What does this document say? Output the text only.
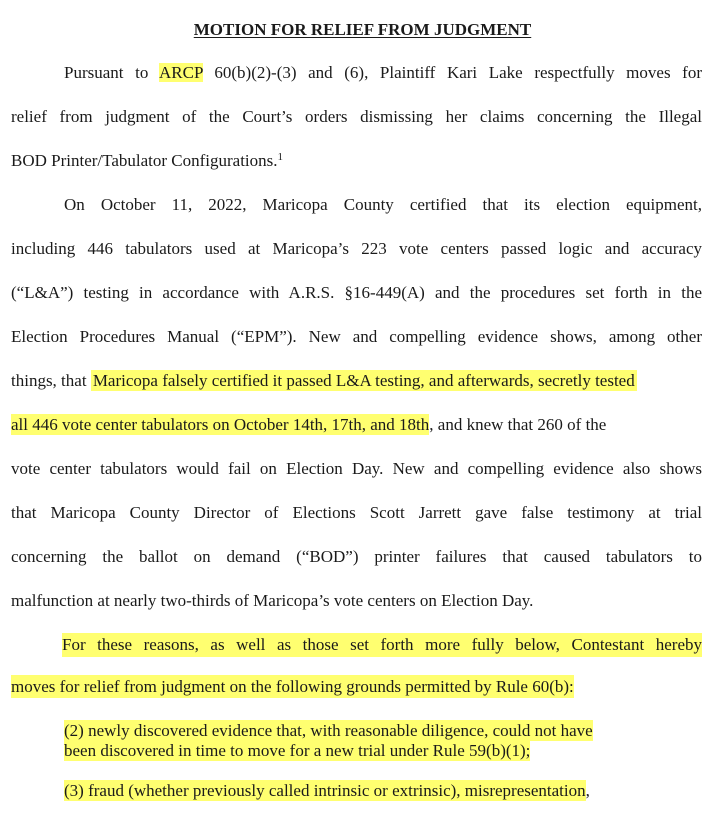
MOTION FOR RELIEF FROM JUDGMENT
Pursuant to ARCP 60(b)(2)-(3) and (6), Plaintiff Kari Lake respectfully moves for
relief from judgment of the Court’s orders dismissing her claims concerning the Illegal
BOD Printer/Tabulator Configurations.$^1$
On October 11, 2022, Maricopa County certified that its election equipment,
including 446 tabulators used at Maricopa’s 223 vote centers passed logic and accuracy
(“L&A”) testing in accordance with A.R.S. §16-449(A) and the procedures set forth in the
Election Procedures Manual (“EPM”). New and compelling evidence shows, among other
things, that Maricopa falsely certified it passed L&A testing, and afterwards, secretly tested
all 446 vote center tabulators on October 14th, 17th, and 18th, and knew that 260 of the
vote center tabulators would fail on Election Day. New and compelling evidence also shows
that Maricopa County Director of Elections Scott Jarrett gave false testimony at trial
concerning the ballot on demand (“BOD”) printer failures that caused tabulators to
malfunction at nearly two-thirds of Maricopa’s vote centers on Election Day.
For these reasons, as well as those set forth more fully below, Contestant hereby
moves for relief from judgment on the following grounds permitted by Rule 60(b):
(2) newly discovered evidence that, with reasonable diligence, could not have
been discovered in time to move for a new trial under Rule 59(b)(1);
(3) fraud (whether previously called intrinsic or extrinsic), misrepresentation,
